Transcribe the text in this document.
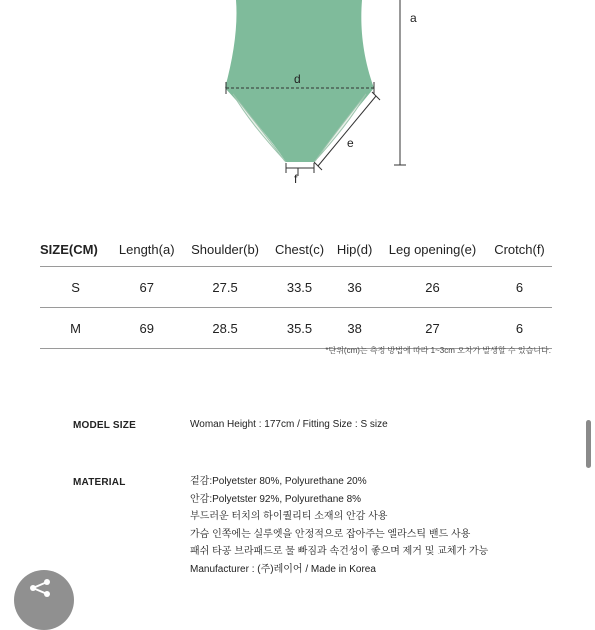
a
d
e
f
SIZE(CM)	Length(a)	Shoulder(b)	Chest(c)	Hip(d)	Leg opening(e)	Crotch(f)
S	67	27.5	33.5	36	26	6
M	69	28.5	35.5	38	27	6
*단위(cm)는 측정 방법에 따라 1~3cm 오차가 발생할 수 있습니다.
MODEL SIZE	Woman Height : 177cm / Fitting Size : S size
MATERIAL	겉감:Polyetster 80%, Polyurethane 20%
안감:Polyetster 92%, Polyurethane 8%
부드러운 터치의 하이퀄리티 소재의 안감 사용
가슴 인쪽에는 실루엣을 안정적으로 잡아주는 엘라스틱 밴드 사용
패쉬 타공 브라패드로 물 빠짐과 속건성이 좋으며 제거 및 교체가 가능
Manufacturer : (주)레이어 / Made in Korea
